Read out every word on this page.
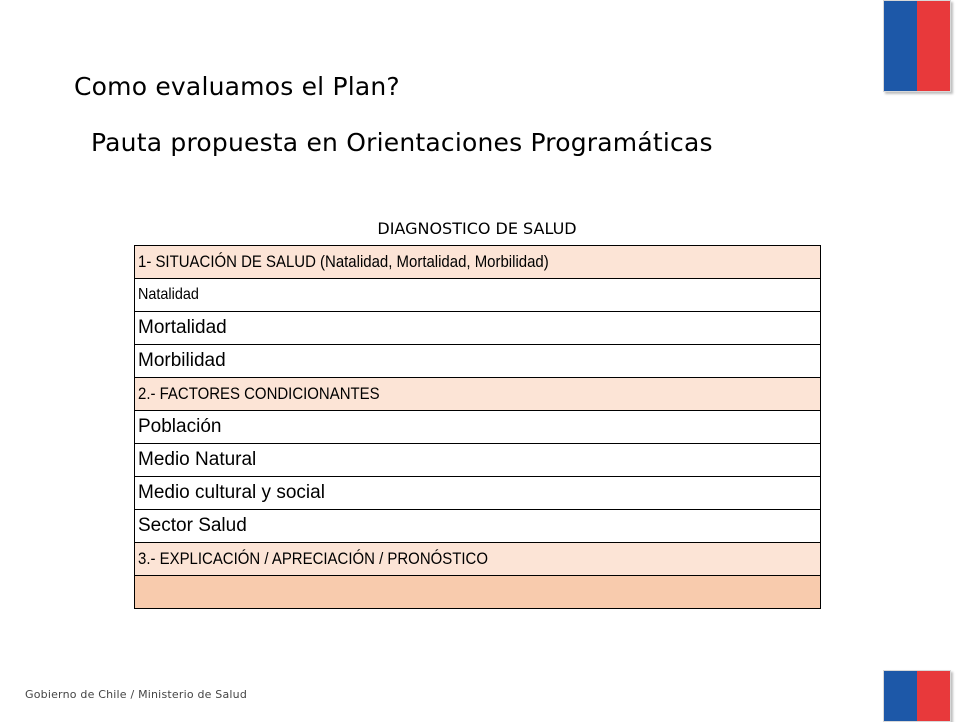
Como evaluamos el Plan?
Pauta propuesta en Orientaciones Programáticas
DIAGNOSTICO DE SALUD
1- SITUACIÓN DE SALUD (Natalidad, Mortalidad, Morbilidad)
Natalidad
Mortalidad
Morbilidad
2.- FACTORES CONDICIONANTES
Población
Medio Natural
Medio cultural y social
Sector Salud
3.- EXPLICACIÓN / APRECIACIÓN / PRONÓSTICO

Gobierno de Chile / Ministerio de Salud
